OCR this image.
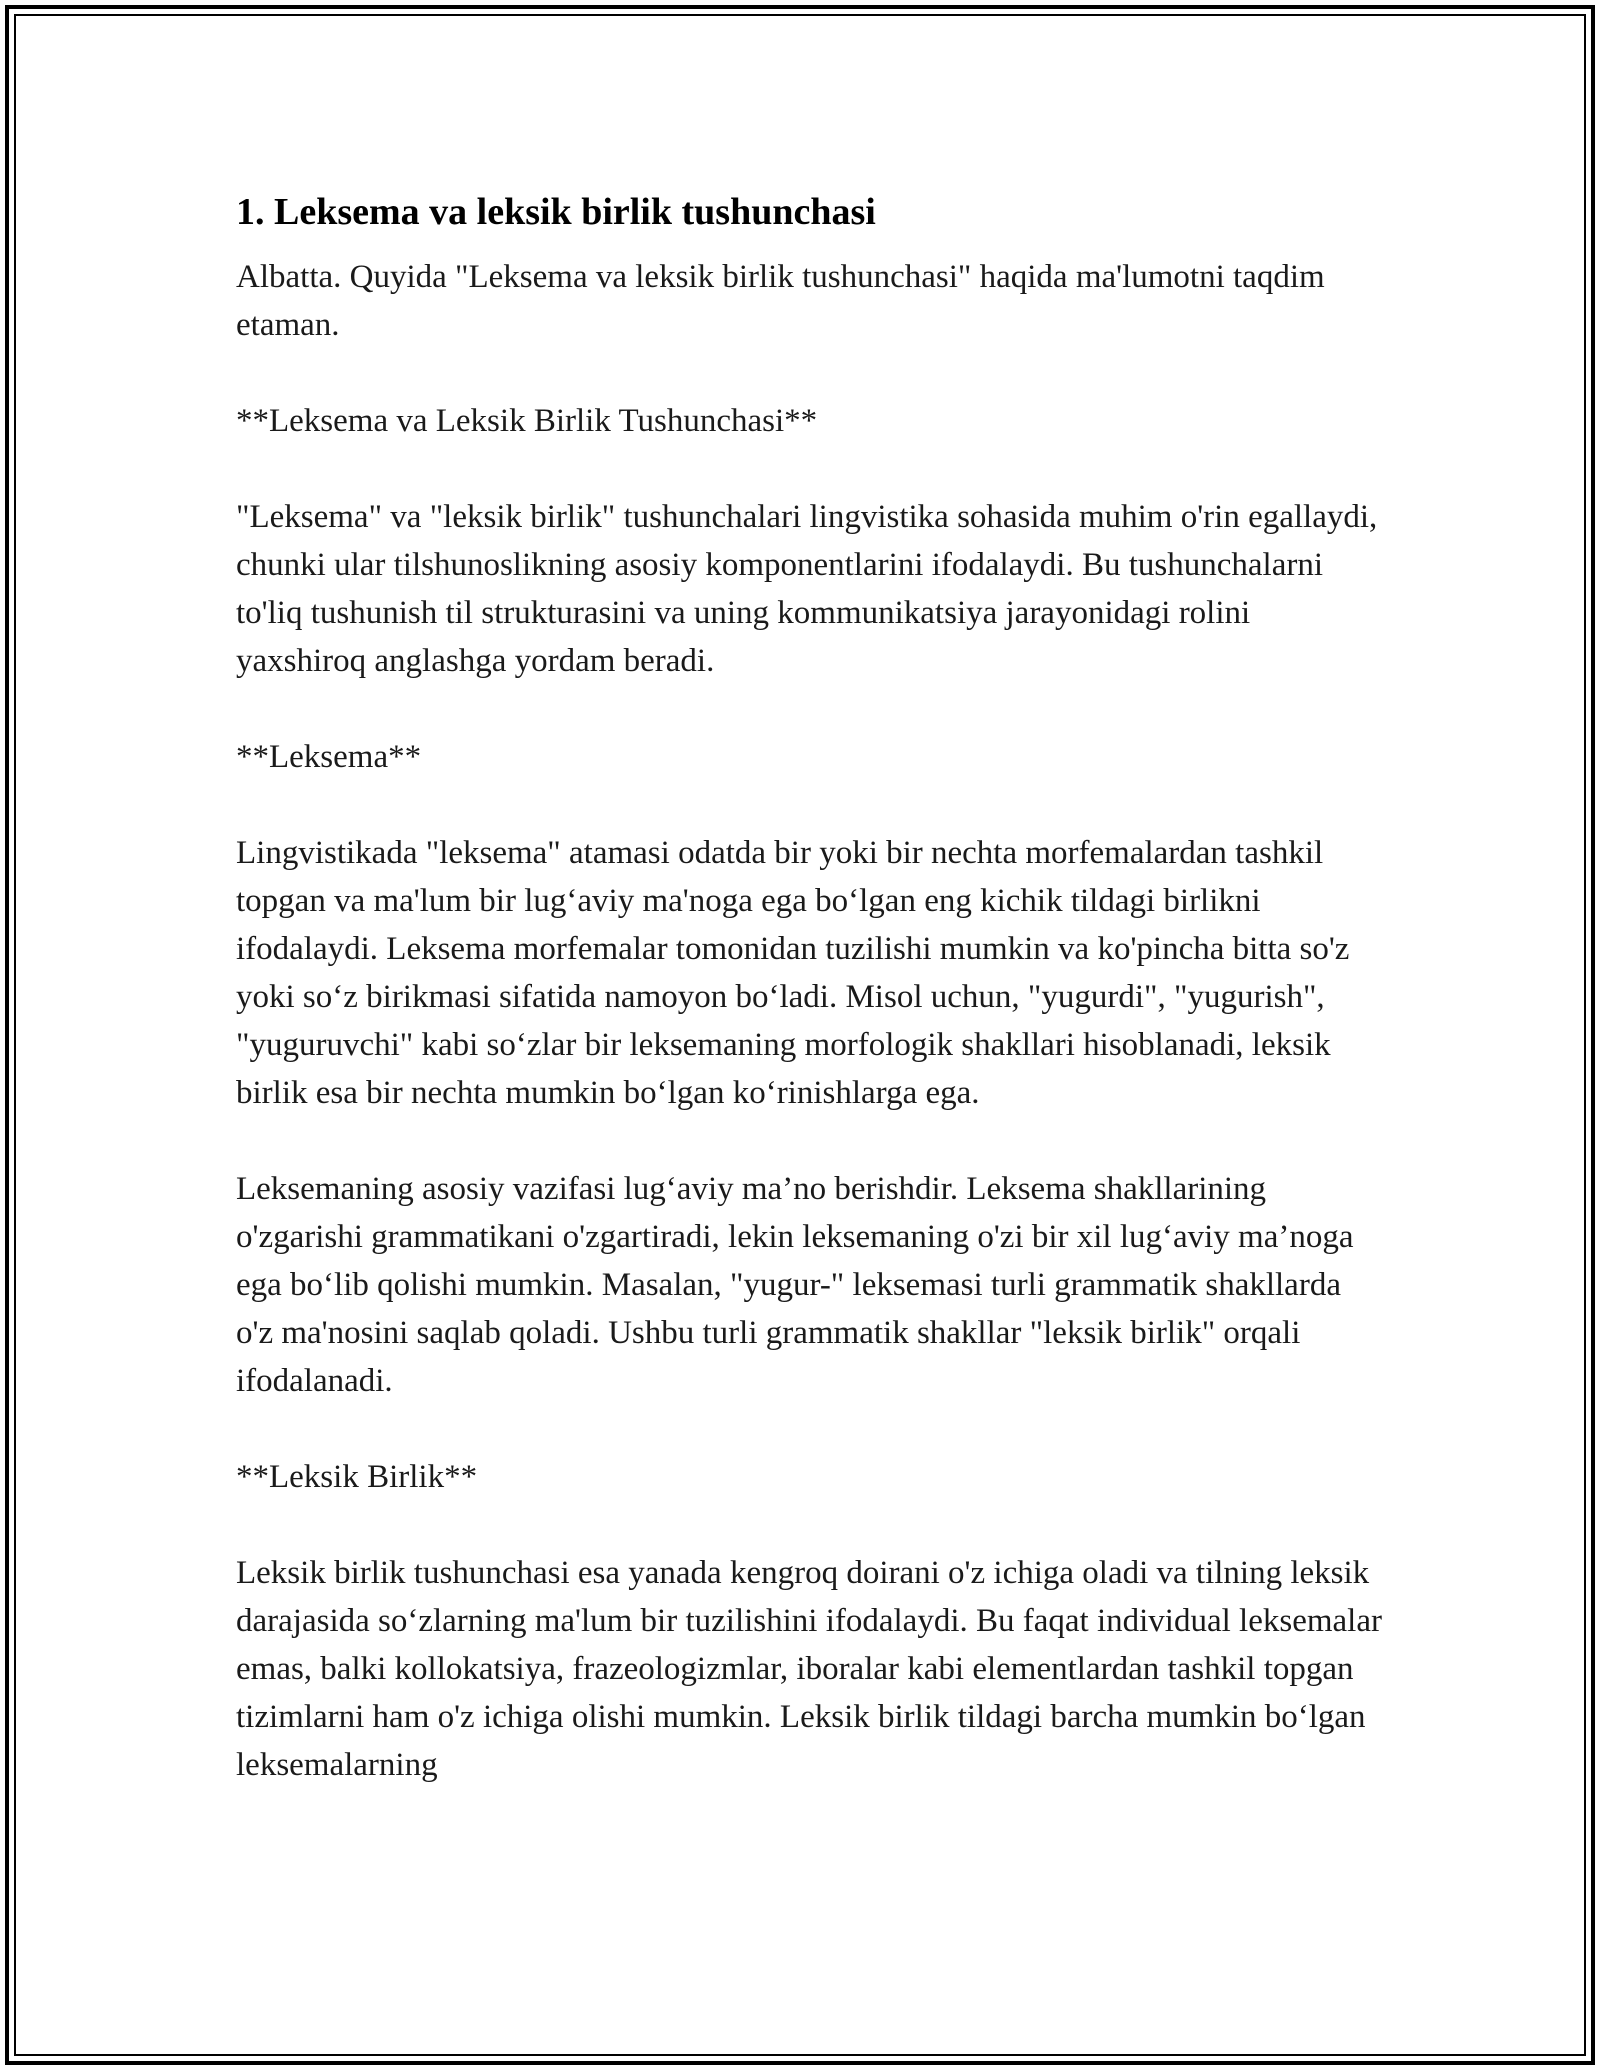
1. Leksema va leksik birlik tushunchasi

Albatta. Quyida "Leksema va leksik birlik tushunchasi" haqida ma'lumotni taqdim etaman.

**Leksema va Leksik Birlik Tushunchasi**

"Leksema" va "leksik birlik" tushunchalari lingvistika sohasida muhim o'rin egallaydi, chunki ular tilshunoslikning asosiy komponentlarini ifodalaydi. Bu tushunchalarni to'liq tushunish til strukturasini va uning kommunikatsiya jarayonidagi rolini yaxshiroq anglashga yordam beradi.

**Leksema**

Lingvistikada "leksema" atamasi odatda bir yoki bir nechta morfemalardan tashkil topgan va ma'lum bir lug‘aviy ma'noga ega bo‘lgan eng kichik tildagi birlikni ifodalaydi. Leksema morfemalar tomonidan tuzilishi mumkin va ko'pincha bitta so'z yoki so‘z birikmasi sifatida namoyon bo‘ladi. Misol uchun, "yugurdi", "yugurish", "yuguruvchi" kabi so‘zlar bir leksemaning morfologik shakllari hisoblanadi, leksik birlik esa bir nechta mumkin bo‘lgan ko‘rinishlarga ega.

Leksemaning asosiy vazifasi lug‘aviy ma’no berishdir. Leksema shakllarining o'zgarishi grammatikani o'zgartiradi, lekin leksemaning o'zi bir xil lug‘aviy ma’noga ega bo‘lib qolishi mumkin. Masalan, "yugur-" leksemasi turli grammatik shakllarda o'z ma'nosini saqlab qoladi. Ushbu turli grammatik shakllar "leksik birlik" orqali ifodalanadi.

**Leksik Birlik**

Leksik birlik tushunchasi esa yanada kengroq doirani o'z ichiga oladi va tilning leksik darajasida so‘zlarning ma'lum bir tuzilishini ifodalaydi. Bu faqat individual leksemalar emas, balki kollokatsiya, frazeologizmlar, iboralar kabi elementlardan tashkil topgan tizimlarni ham o'z ichiga olishi mumkin. Leksik birlik tildagi barcha mumkin bo‘lgan leksemalarning
